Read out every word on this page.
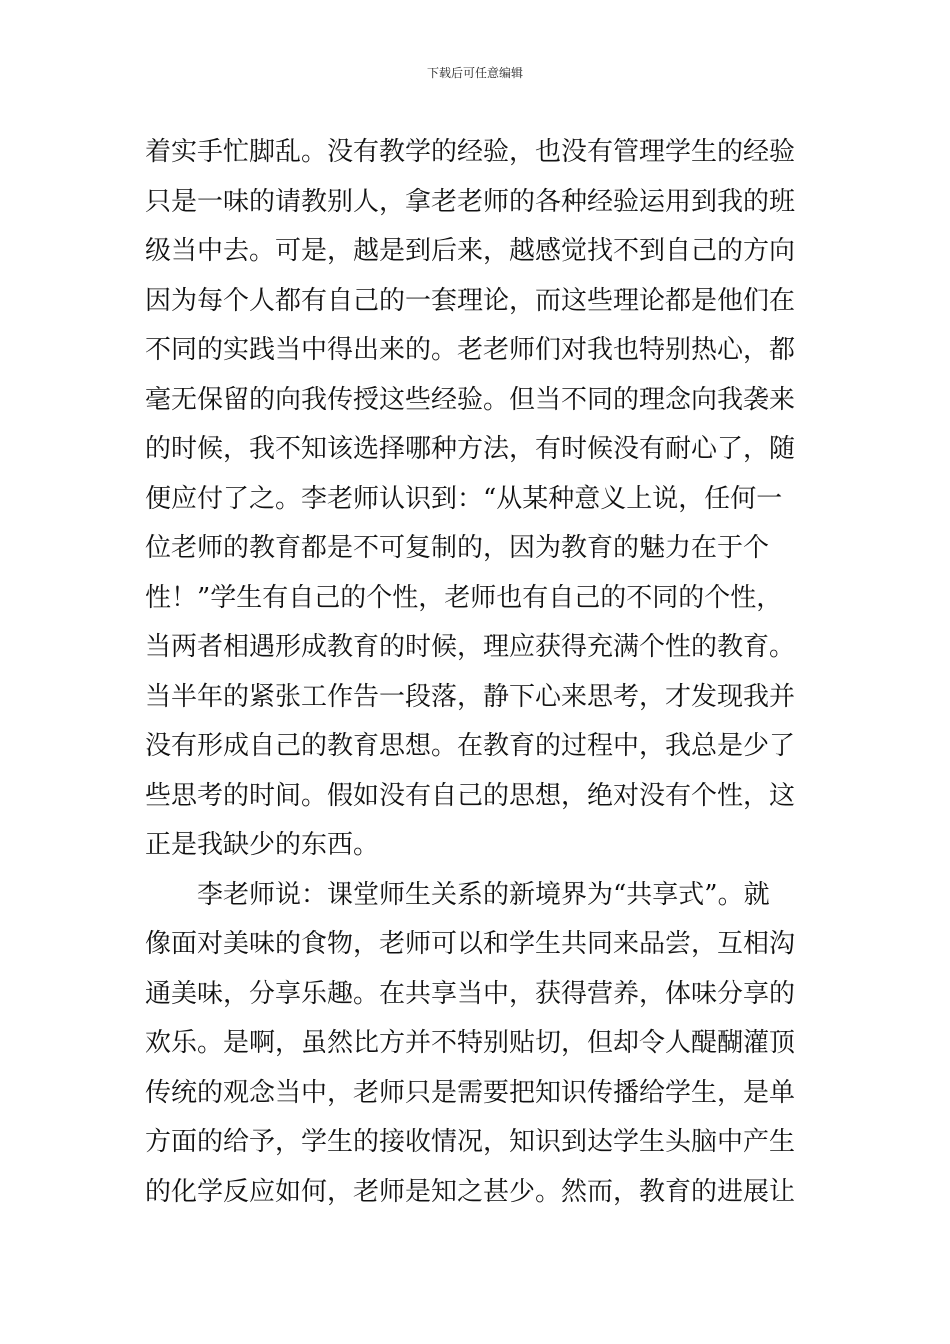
下载后可任意编辑
着实手忙脚乱。没有教学的经验，也没有管理学生的经验
只是一味的请教别人，拿老老师的各种经验运用到我的班
级当中去。可是，越是到后来，越感觉找不到自己的方向
因为每个人都有自己的一套理论，而这些理论都是他们在
不同的实践当中得出来的。老老师们对我也特别热心，都
毫无保留的向我传授这些经验。但当不同的理念向我袭来
的时候，我不知该选择哪种方法，有时候没有耐心了，随
便应付了之。李老师认识到：“从某种意义上说，任何一
位老师的教育都是不可复制的，因为教育的魅力在于个
性！”学生有自己的个性，老师也有自己的不同的个性，
当两者相遇形成教育的时候，理应获得充满个性的教育。
当半年的紧张工作告一段落，静下心来思考，才发现我并
没有形成自己的教育思想。在教育的过程中，我总是少了
些思考的时间。假如没有自己的思想，绝对没有个性，这
正是我缺少的东西。
　　李老师说：课堂师生关系的新境界为“共享式”。就
像面对美味的食物，老师可以和学生共同来品尝，互相沟
通美味，分享乐趣。在共享当中，获得营养，体味分享的
欢乐。是啊，虽然比方并不特别贴切，但却令人醍醐灌顶
传统的观念当中，老师只是需要把知识传播给学生，是单
方面的给予，学生的接收情况，知识到达学生头脑中产生
的化学反应如何，老师是知之甚少。然而，教育的进展让
